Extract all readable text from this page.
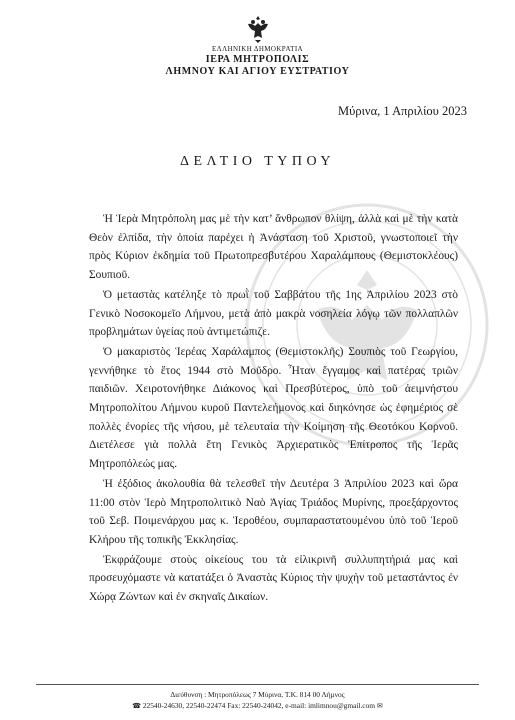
ΕΛΛΗΝΙΚΗ ΔΗΜΟΚΡΑΤΙΑ
ΙΕΡΑ ΜΗΤΡΟΠΟΛΙΣ
ΛΗΜΝΟΥ ΚΑΙ ΑΓΙΟΥ ΕΥΣΤΡΑΤΙΟΥ
Μύρινα, 1 Απριλίου 2023
ΔΕΛΤΙΟ ΤΥΠΟΥ

Ἡ Ἱερὰ Μητρόπολη μας μὲ τὴν κατ’ ἄνθρωπον θλίψη, ἀλλὰ καὶ μὲ τὴν κατὰ Θεὸν ἐλπίδα, τὴν ὁποία παρέχει ἡ Ἀνάσταση τοῦ Χριστοῦ, γνωστοποιεῖ τὴν πρὸς Κύριον ἐκδημία τοῦ Πρωτοπρεσβυτέρου Χαραλάμπους (Θεμιστοκλέους) Σουπιοῦ.

Ὁ μεταστὰς κατέληξε τὸ πρωῒ τοῦ Σαββάτου τῆς 1ης Ἀπριλίου 2023 στὸ Γενικὸ Νοσοκομεῖο Λήμνου, μετὰ ἀπὸ μακρὰ νοσηλεία λόγῳ τῶν πολλαπλῶν προβλημάτων ὑγείας ποὺ ἀντιμετώπιζε.

Ὁ μακαριστὸς Ἱερέας Χαράλαμπος (Θεμιστοκλῆς) Σουπιὸς τοῦ Γεωργίου, γεννήθηκε τὸ ἔτος 1944 στὸ Μοῦδρο. Ἦταν ἔγγαμος καὶ πατέρας τριῶν παιδιῶν. Χειροτονήθηκε Διάκονος καὶ Πρεσβύτερος, ὑπὸ τοῦ ἀειμνήστου Μητροπολίτου Λήμνου κυροῦ Παντελεήμονος καὶ διηκόνησε ὡς ἐφημέριος σὲ πολλὲς ἐνορίες τῆς νήσου, μὲ τελευταία τὴν Κοίμηση τῆς Θεοτόκου Κορνοῦ. Διετέλεσε γιὰ πολλὰ ἔτη Γενικὸς Ἀρχιερατικὸς Ἐπίτροπος τῆς Ἱερᾶς Μητροπόλεώς μας.

Ἡ ἐξόδιος ἀκολουθία θὰ τελεσθεῖ τὴν Δευτέρα 3 Ἀπριλίου 2023 καὶ ὥρα 11:00 στὸν Ἱερὸ Μητροπολιτικὸ Ναὸ Ἁγίας Τριάδος Μυρίνης, προεξάρχοντος τοῦ Σεβ. Ποιμενάρχου μας κ. Ἱεροθέου, συμπαραστατουμένου ὑπὸ τοῦ Ἱεροῦ Κλήρου τῆς τοπικῆς Ἐκκλησίας.

Ἐκφράζουμε στοὺς οἰκείους του τὰ εἰλικρινῆ συλλυπητήριά μας καὶ προσευχόμαστε νὰ κατατάξει ὁ Ἀναστὰς Κύριος τὴν ψυχὴν τοῦ μεταστάντος ἐν Χώρᾳ Ζώντων καὶ ἐν σκηναῖς Δικαίων.

Διεύθυνση : Μητροπόλεως 7 Μύρινα, Τ.Κ. 814 00 Λήμνος
☎ 22540-24630, 22540-22474 Fax: 22540-24042, e-mail: imlimnou@gmail.com ✉
